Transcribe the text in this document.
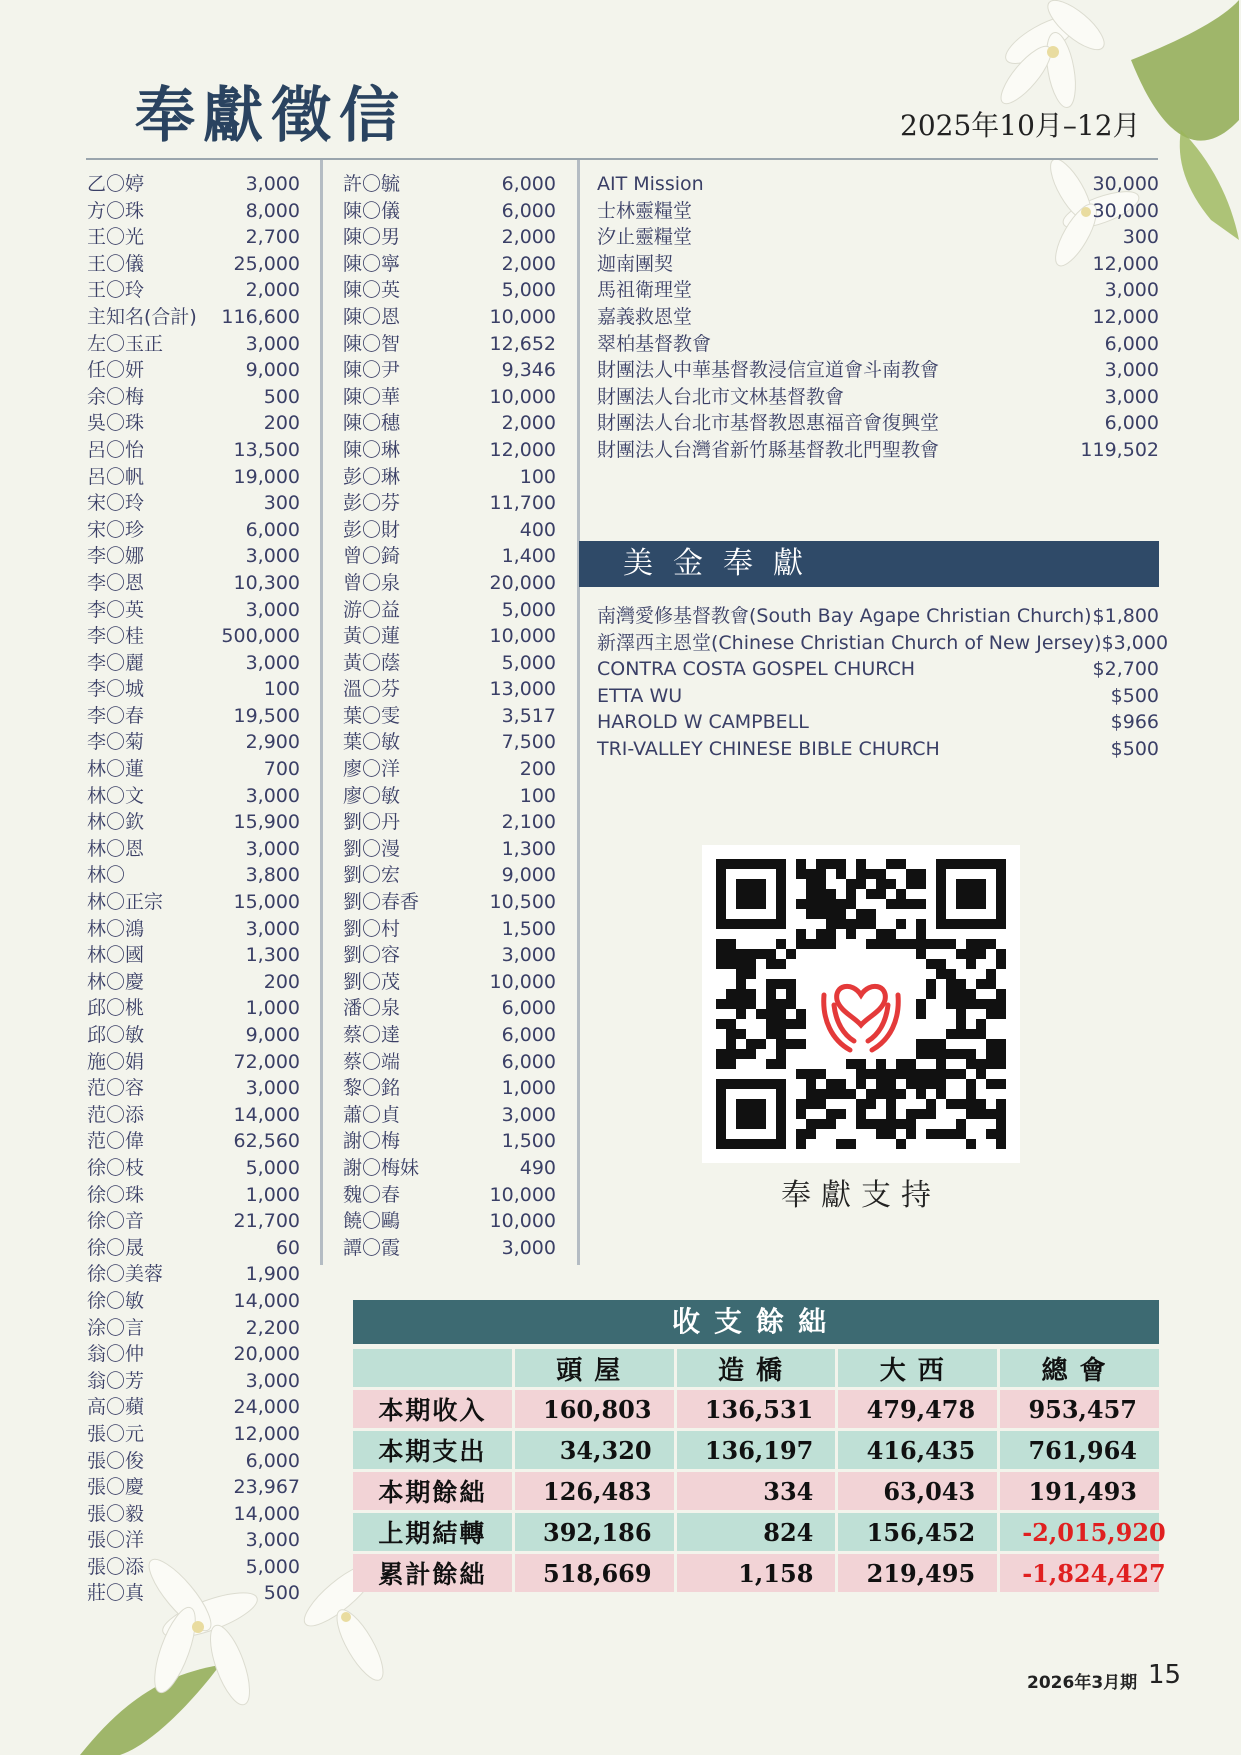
奉獻徵信	2025年10月–12月
乙〇婷	3,000
方〇珠	8,000
王〇光	2,700
王〇儀	25,000
王〇玲	2,000
主知名(合計) 116,600
左〇玉正	3,000
任〇妍	9,000
余〇梅	500
吳〇珠	200
呂〇怡	13,500
呂〇帆	19,000
宋〇玲	300
宋〇珍	6,000
李〇娜	3,000
李〇恩	10,300
李〇英	3,000
李〇桂	500,000
李〇麗	3,000
李〇城	100
李〇春	19,500
李〇菊	2,900
林〇蓮	700
林〇文	3,000
林〇欽	15,900
林〇恩	3,000
林〇	3,800
林〇正宗	15,000
林〇鴻	3,000
林〇國	1,300
林〇慶	200
邱〇桃	1,000
邱〇敏	9,000
施〇娟	72,000
范〇容	3,000
范〇添	14,000
范〇偉	62,560
徐〇枝	5,000
徐〇珠	1,000
徐〇音	21,700
徐〇晟	60
徐〇美蓉	1,900
徐〇敏	14,000
涂〇言	2,200
翁〇仲	20,000
翁〇芳	3,000
高〇蘋	24,000
張〇元	12,000
張〇俊	6,000
張〇慶	23,967
張〇毅	14,000
張〇洋	3,000
張〇添	5,000
莊〇真	500
許〇毓	6,000
陳〇儀	6,000
陳〇男	2,000
陳〇寧	2,000
陳〇英	5,000
陳〇恩	10,000
陳〇智	12,652
陳〇尹	9,346
陳〇華	10,000
陳〇穗	2,000
陳〇琳	12,000
彭〇琳	100
彭〇芬	11,700
彭〇財	400
曾〇錡	1,400
曾〇泉	20,000
游〇益	5,000
黃〇蓮	10,000
黃〇蔭	5,000
溫〇芬	13,000
葉〇雯	3,517
葉〇敏	7,500
廖〇洋	200
廖〇敏	100
劉〇丹	2,100
劉〇漫	1,300
劉〇宏	9,000
劉〇春香	10,500
劉〇村	1,500
劉〇容	3,000
劉〇茂	10,000
潘〇泉	6,000
蔡〇達	6,000
蔡〇端	6,000
黎〇銘	1,000
蕭〇貞	3,000
謝〇梅	1,500
謝〇梅妹	490
魏〇春	10,000
饒〇鷗	10,000
譚〇霞	3,000
AIT Mission	30,000
士林靈糧堂	30,000
汐止靈糧堂	300
迦南團契	12,000
馬祖衛理堂	3,000
嘉義救恩堂	12,000
翠柏基督教會	6,000
財團法人中華基督教浸信宣道會斗南教會	3,000
財團法人台北市文林基督教會	3,000
財團法人台北市基督教恩惠福音會復興堂	6,000
財團法人台灣省新竹縣基督教北門聖教會	119,502
美金奉獻
南灣愛修基督教會(South Bay Agape Christian Church) $1,800
新澤西主恩堂(Chinese Christian Church of New Jersey) $3,000
CONTRA COSTA GOSPEL CHURCH	$2,700
ETTA WU	$500
HAROLD W CAMPBELL	$966
TRI-VALLEY CHINESE BIBLE CHURCH	$500
奉獻支持
收支餘絀
	頭屋	造橋	大西	總會
本期收入	160,803	136,531	479,478	953,457
本期支出	34,320	136,197	416,435	761,964
本期餘絀	126,483	334	63,043	191,493
上期結轉	392,186	824	156,452	-2,015,920
累計餘絀	518,669	1,158	219,495	-1,824,427
2026年3月期 15
